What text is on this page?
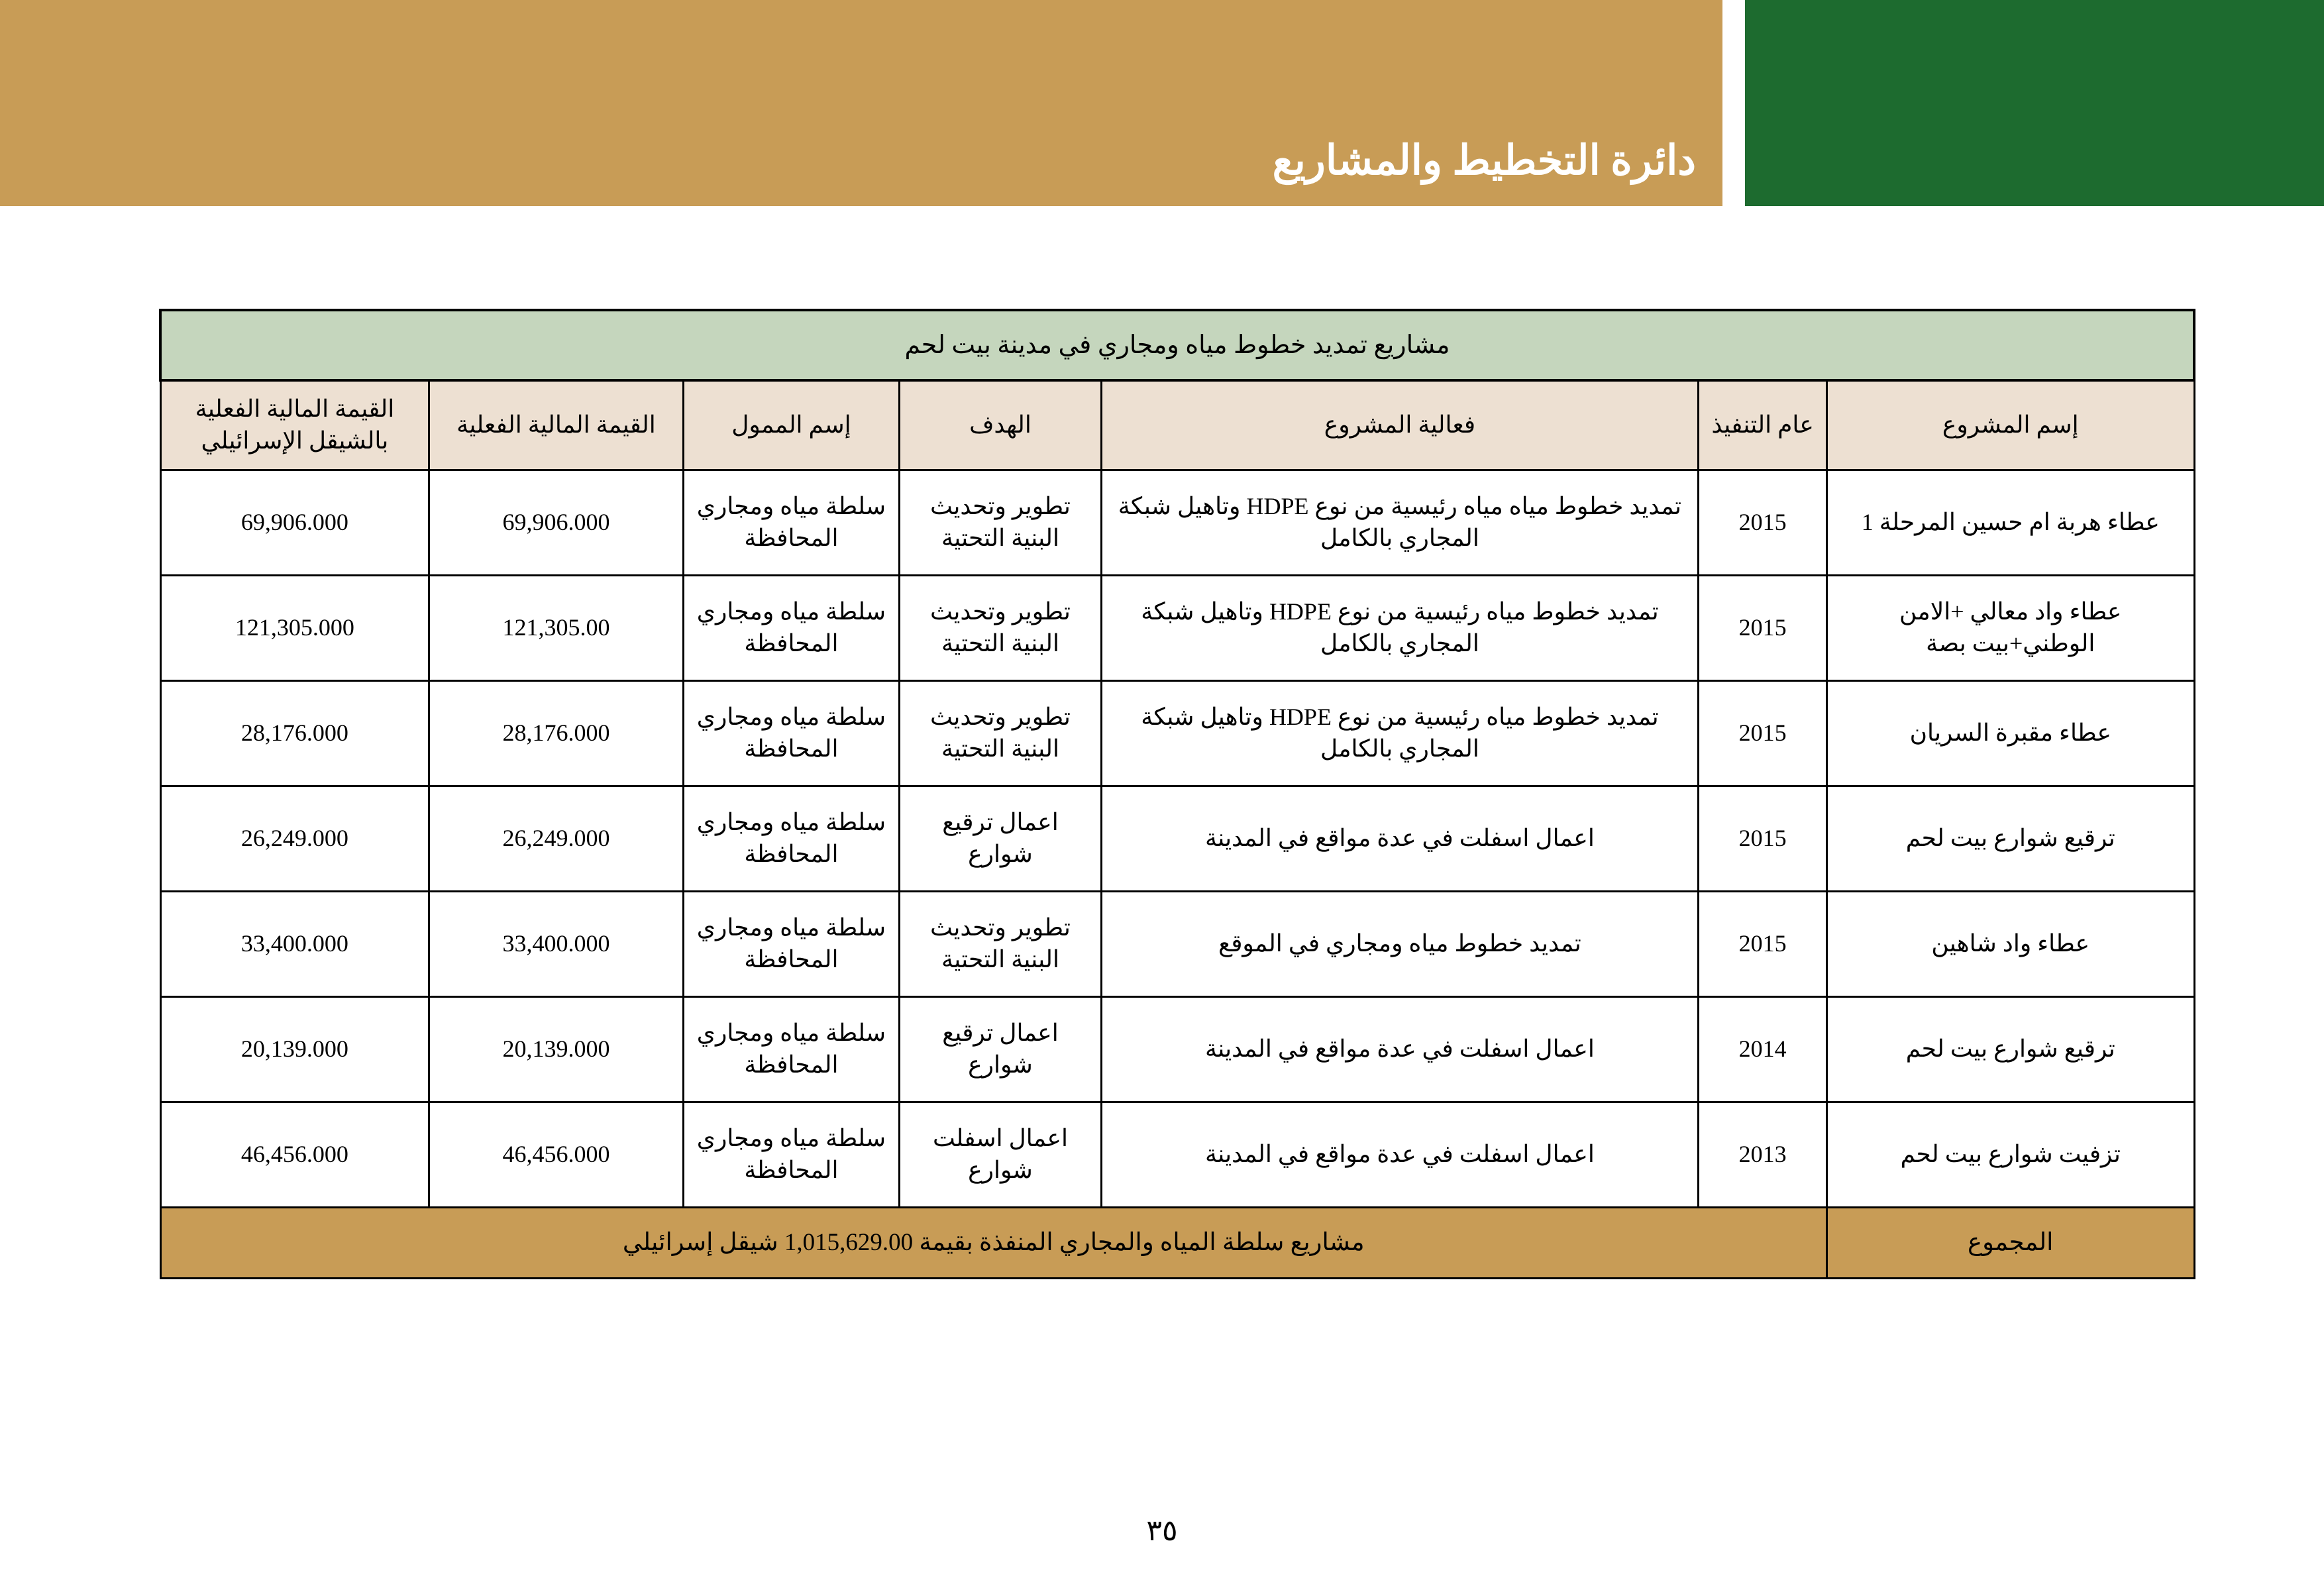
دائرة التخطيط والمشاريع
مشاريع تمديد خطوط مياه ومجاري في مدينة بيت لحم						
إسم المشروع	عام التنفيذ	فعالية المشروع	الهدف	إسم الممول	القيمة المالية الفعلية	القيمة المالية الفعلية بالشيقل الإسرائيلي
عطاء هربة ام حسين المرحلة 1	2015	تمديد خطوط مياه مياه رئيسية من نوع HDPE وتاهيل شبكة المجاري بالكامل	تطوير وتحديث البنية التحتية	سلطة مياه ومجاري المحافظة	69,906.000	69,906.000
عطاء واد معالي +الامن الوطني+بيت بصة	2015	تمديد خطوط مياه رئيسية من نوع HDPE وتاهيل شبكة المجاري بالكامل	تطوير وتحديث البنية التحتية	سلطة مياه ومجاري المحافظة	121,305.00	121,305.000
عطاء مقبرة السريان	2015	تمديد خطوط مياه رئيسية من نوع HDPE وتاهيل شبكة المجاري بالكامل	تطوير وتحديث البنية التحتية	سلطة مياه ومجاري المحافظة	28,176.000	28,176.000
ترقيع شوارع بيت لحم	2015	اعمال اسفلت في عدة مواقع في المدينة	اعمال ترقيع شوارع	سلطة مياه ومجاري المحافظة	26,249.000	26,249.000
عطاء واد شاهين	2015	تمديد خطوط مياه ومجاري في الموقع	تطوير وتحديث البنية التحتية	سلطة مياه ومجاري المحافظة	33,400.000	33,400.000
ترقيع شوارع بيت لحم	2014	اعمال اسفلت في عدة مواقع في المدينة	اعمال ترقيع شوارع	سلطة مياه ومجاري المحافظة	20,139.000	20,139.000
تزفيت شوارع بيت لحم	2013	اعمال اسفلت في عدة مواقع في المدينة	اعمال اسفلت شوارع	سلطة مياه ومجاري المحافظة	46,456.000	46,456.000
المجموع	مشاريع سلطة المياه والمجاري المنفذة بقيمة 1,015,629.00 شيقل إسرائيلي					
٣٥
